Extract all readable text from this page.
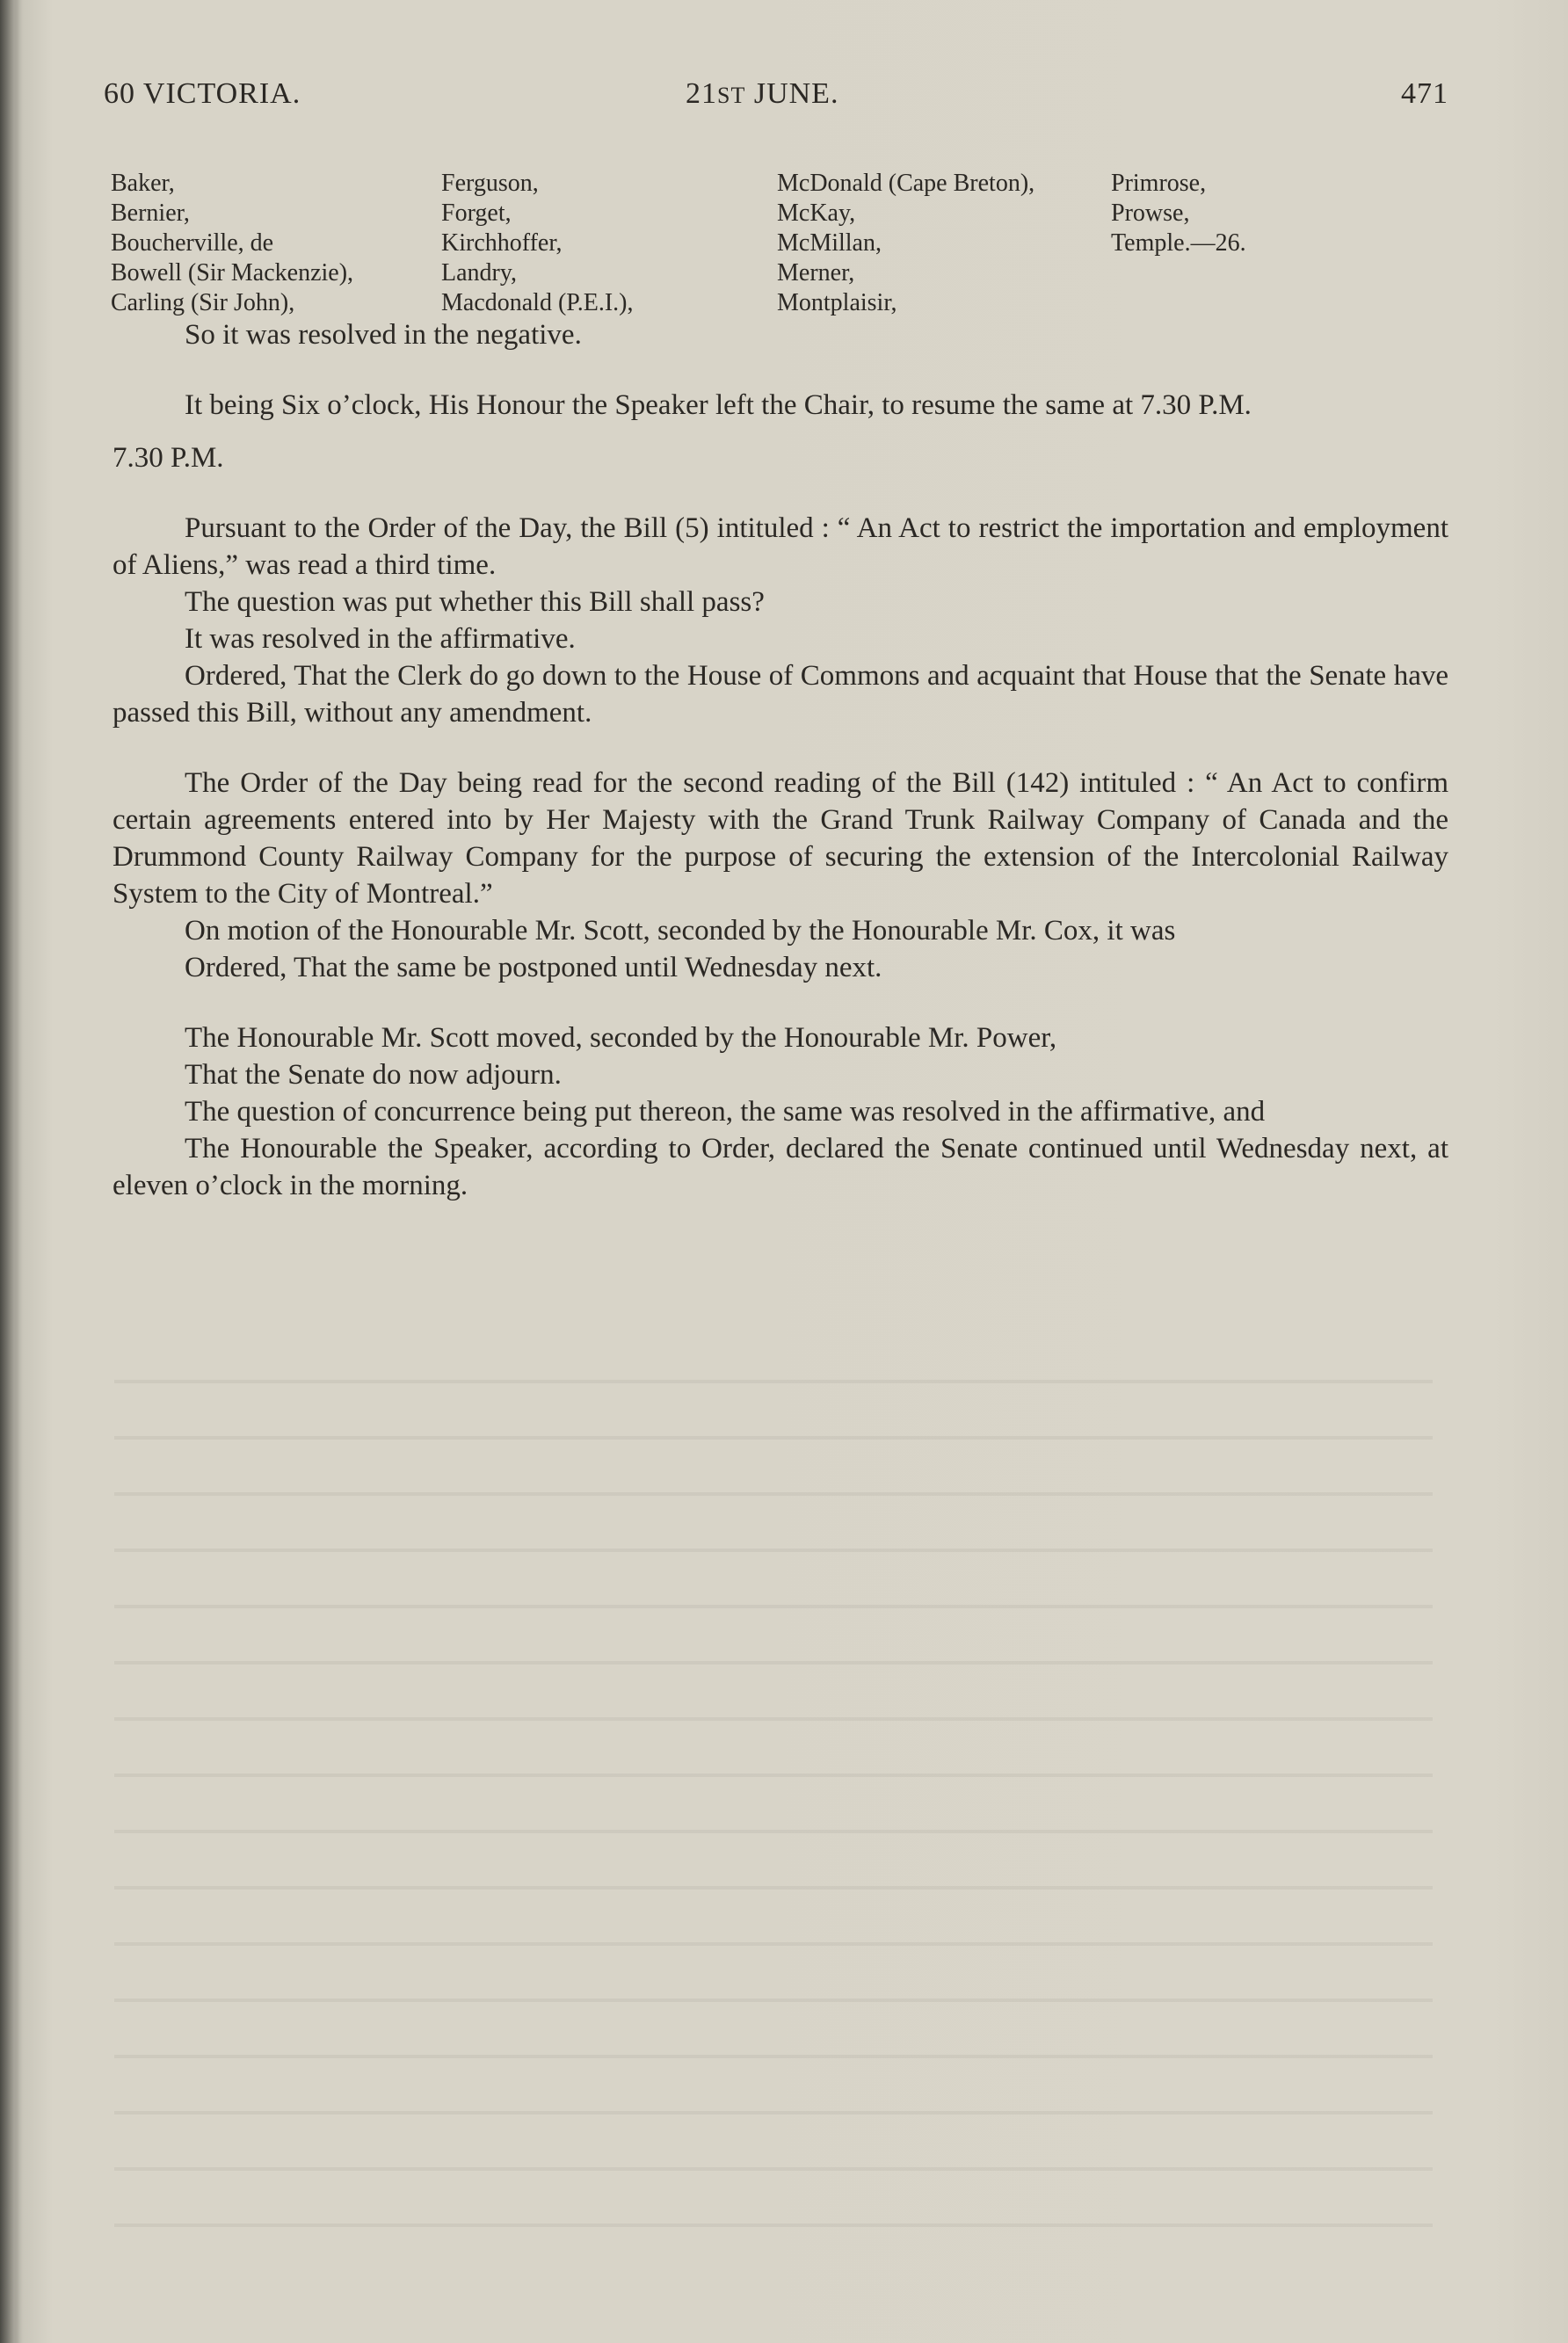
60 VICTORIA.	21ST JUNE.	471
Baker,
Bernier,
Boucherville, de
Bowell (Sir Mackenzie),
Carling (Sir John),
Ferguson,
Forget,
Kirchhoffer,
Landry,
Macdonald (P.E.I.),
McDonald (Cape Breton),
McKay,
McMillan,
Merner,
Montplaisir,
Primrose,
Prowse,
Temple.—26.

So it was resolved in the negative.

It being Six o’clock, His Honour the Speaker left the Chair, to resume the same at 7.30 P.M.

7.30 P.M.

Pursuant to the Order of the Day, the Bill (5) intituled : “ An Act to restrict the importation and employment of Aliens,” was read a third time.

The question was put whether this Bill shall pass?

It was resolved in the affirmative.

Ordered, That the Clerk do go down to the House of Commons and acquaint that House that the Senate have passed this Bill, without any amendment.

The Order of the Day being read for the second reading of the Bill (142) intituled : “ An Act to confirm certain agreements entered into by Her Majesty with the Grand Trunk Railway Company of Canada and the Drummond County Railway Company for the purpose of securing the extension of the Intercolonial Railway System to the City of Montreal.”

On motion of the Honourable Mr. Scott, seconded by the Honourable Mr. Cox, it was

Ordered, That the same be postponed until Wednesday next.

The Honourable Mr. Scott moved, seconded by the Honourable Mr. Power,

That the Senate do now adjourn.

The question of concurrence being put thereon, the same was resolved in the affirmative, and

The Honourable the Speaker, according to Order, declared the Senate continued until Wednesday next, at eleven o’clock in the morning.
